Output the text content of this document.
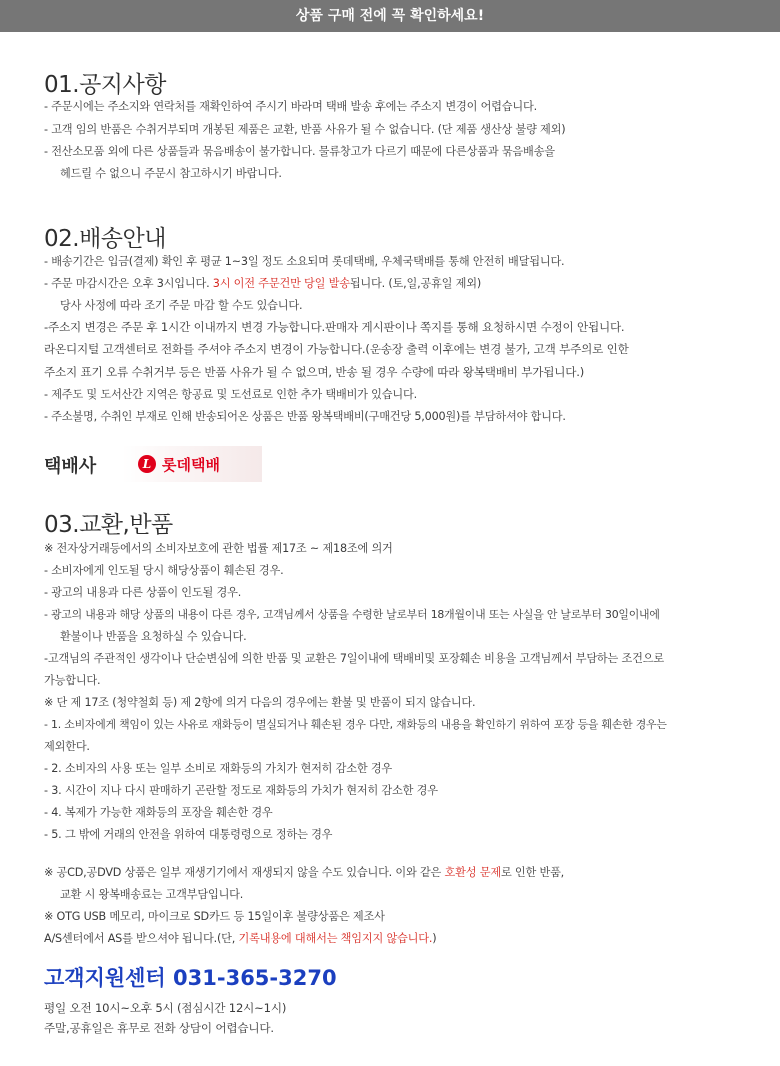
상품 구매 전에 꼭 확인하세요!
01.공지사항
- 주문시에는 주소지와 연락처를 재확인하여 주시기 바라며 택배 발송 후에는 주소지 변경이 어렵습니다.
- 고객 임의 반품은 수취거부되며 개봉된 제품은 교환, 반품 사유가 될 수 없습니다. (단 제품 생산상 불량 제외)
- 전산소모품 외에 다른 상품들과 묶음배송이 불가합니다. 물류창고가 다르기 때문에 다른상품과 묶음배송을
헤드릴 수 없으니 주문시 참고하시기 바랍니다.
02.배송안내
- 배송기간은 입금(결제) 확인 후 평균 1~3일 정도 소요되며 롯데택배, 우체국택배를 통해 안전히 배달됩니다.
- 주문 마감시간은 오후 3시입니다. 3시 이전 주문건만 당일 발송됩니다. (토,일,공휴일 제외)
당사 사정에 따라 조기 주문 마감 할 수도 있습니다.
-주소지 변경은 주문 후 1시간 이내까지 변경 가능합니다.판매자 게시판이나 쪽지를 통해 요청하시면 수정이 안됩니다.
라온디지털 고객센터로 전화를 주셔야 주소지 변경이 가능합니다.(운송장 출력 이후에는 변경 불가, 고객 부주의로 인한
주소지 표기 오류 수취거부 등은 반품 사유가 될 수 없으며, 반송 될 경우 수량에 따라 왕복택배비 부가됩니다.)
- 제주도 및 도서산간 지역은 항공료 및 도선료로 인한 추가 택배비가 있습니다.
- 주소불명, 수취인 부재로 인해 반송되어온 상품은 반품 왕복택배비(구매건당 5,000원)를 부담하셔야 합니다.
택배사	L 롯데택배
03.교환,반품
※ 전자상거래등에서의 소비자보호에 관한 법률 제17조 ~ 제18조에 의거
- 소비자에게 인도될 당시 해당상품이 훼손된 경우.
- 광고의 내용과 다른 상품이 인도될 경우.
- 광고의 내용과 해당 상품의 내용이 다른 경우, 고객님께서 상품을 수령한 날로부터 18개월이내 또는 사실을 안 날로부터 30일이내에
환불이나 반품을 요청하실 수 있습니다.
-고객님의 주관적인 생각이나 단순변심에 의한 반품 및 교환은 7일이내에 택배비및 포장훼손 비용을 고객님께서 부담하는 조건으로
가능합니다.
※ 단 제 17조 (청약철회 등) 제 2항에 의거 다음의 경우에는 환불 및 반품이 되지 않습니다.
- 1. 소비자에게 책임이 있는 사유로 재화등이 멸실되거나 훼손된 경우 다만, 재화등의 내용을 확인하기 위하여 포장 등을 훼손한 경우는
제외한다.
- 2. 소비자의 사용 또는 일부 소비로 재화등의 가치가 현저히 감소한 경우
- 3. 시간이 지나 다시 판매하기 곤란할 정도로 재화등의 가치가 현저히 감소한 경우
- 4. 복제가 가능한 재화등의 포장을 훼손한 경우
- 5. 그 밖에 거래의 안전을 위하여 대통령령으로 정하는 경우
※ 공CD,공DVD 상품은 일부 재생기기에서 재생되지 않을 수도 있습니다. 이와 같은 호환성 문제로 인한 반품,
교환 시 왕복배송료는 고객부담입니다.
※ OTG USB 메모리, 마이크로 SD카드 등 15일이후 불량상품은 제조사
A/S센터에서 AS를 받으셔야 됩니다.(단, 기록내용에 대해서는 책임지지 않습니다.)
고객지원센터 031-365-3270
평일 오전 10시~오후 5시 (점심시간 12시~1시)
주말,공휴일은 휴무로 전화 상담이 어렵습니다.
